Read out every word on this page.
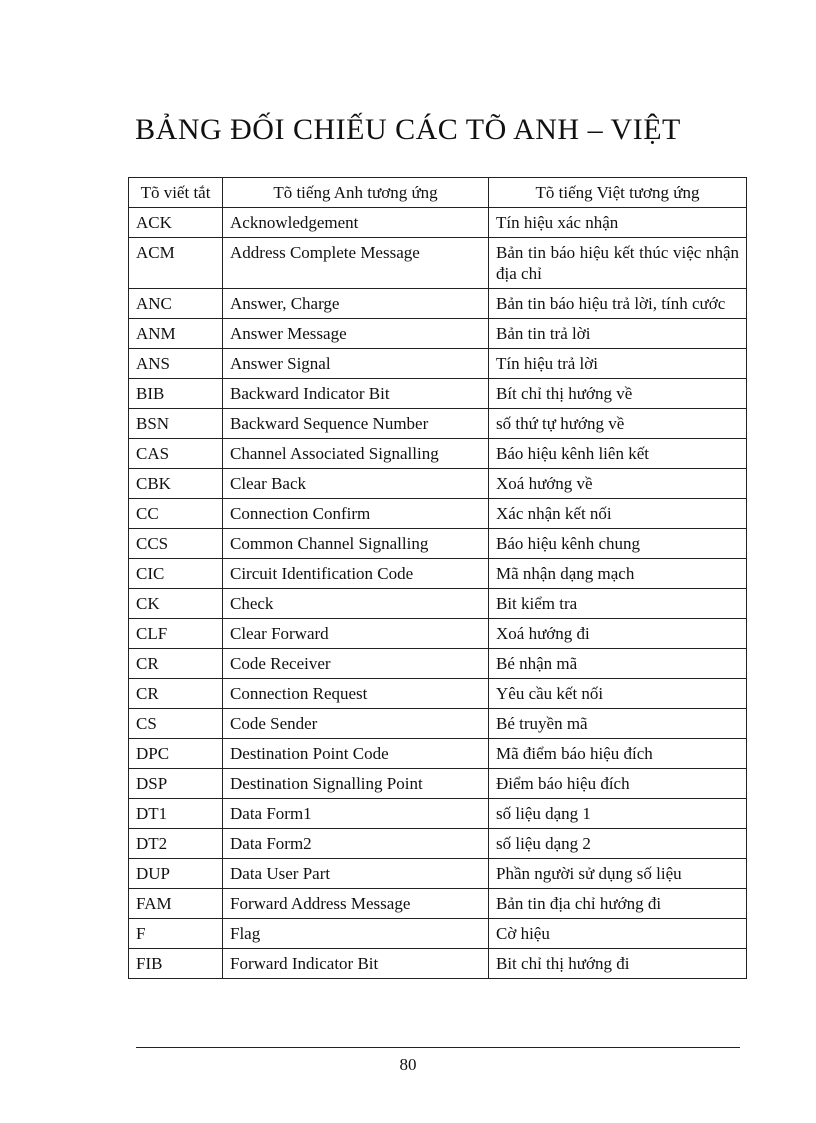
BẢNG ĐỐI CHIẾU CÁC TÕ ANH – VIỆT
Tõ viết tắt	Tõ tiếng Anh tương ứng	Tõ tiếng Việt tương ứng
ACK	Acknowledgement	Tín hiệu xác nhận
ACM	Address Complete Message	Bản tin báo hiệu kết thúc việc nhận địa chỉ
ANC	Answer, Charge	Bản tin báo hiệu trả lời, tính cước
ANM	Answer Message	Bản tin trả lời
ANS	Answer Signal	Tín hiệu trả lời
BIB	Backward Indicator Bit	Bít chỉ thị hướng về
BSN	Backward Sequence Number	số thứ tự hướng về
CAS	Channel Associated Signalling	Báo hiệu kênh liên kết
CBK	Clear Back	Xoá hướng về
CC	Connection Confirm	Xác nhận kết nối
CCS	Common Channel Signalling	Báo hiệu kênh chung
CIC	Circuit Identification Code	Mã nhận dạng mạch
CK	Check	Bit kiểm tra
CLF	Clear Forward	Xoá hướng đi
CR	Code Receiver	Bé nhận mã
CR	Connection Request	Yêu cầu kết nối
CS	Code Sender	Bé truyền mã
DPC	Destination Point Code	Mã điểm báo hiệu đích
DSP	Destination Signalling Point	Điểm báo hiệu đích
DT1	Data Form1	số liệu dạng 1
DT2	Data Form2	số liệu dạng 2
DUP	Data User Part	Phần người sử dụng số liệu
FAM	Forward Address Message	Bản tin địa chỉ hướng đi
F	Flag	Cờ hiệu
FIB	Forward Indicator Bit	Bit chỉ thị hướng đi
80
